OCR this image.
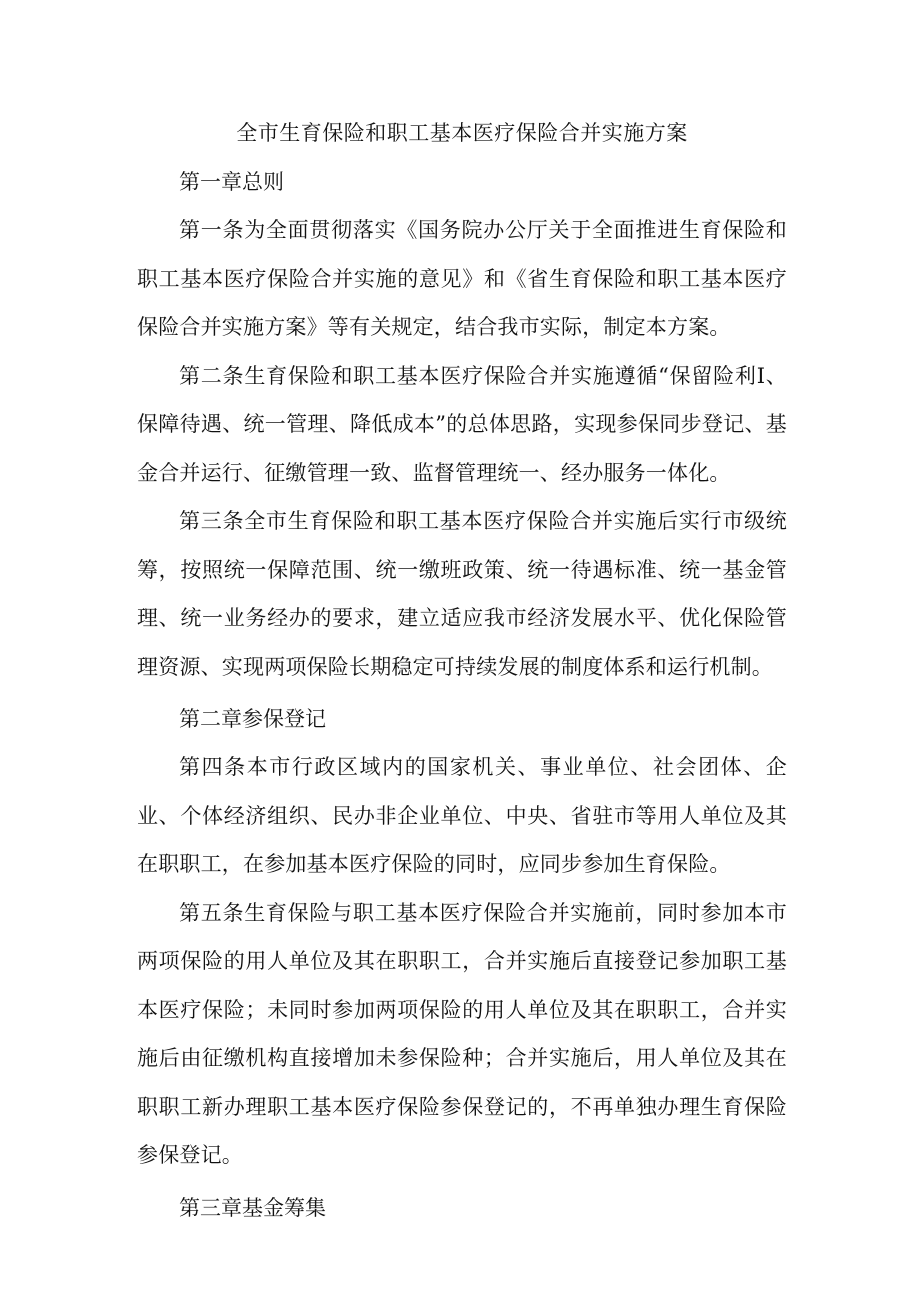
全市生育保险和职工基本医疗保险合并实施方案
第一章总则

第一条为全面贯彻落实《国务院办公厅关于全面推进生育保险和职工基本医疗保险合并实施的意见》和《省生育保险和职工基本医疗保险合并实施方案》等有关规定，结合我市实际，制定本方案。

第二条生育保险和职工基本医疗保险合并实施遵循“保留险利I、保障待遇、统一管理、降低成本”的总体思路，实现参保同步登记、基金合并运行、征缴管理一致、监督管理统一、经办服务一体化。

第三条全市生育保险和职工基本医疗保险合并实施后实行市级统筹，按照统一保障范围、统一缴班政策、统一待遇标准、统一基金管理、统一业务经办的要求，建立适应我市经济发展水平、优化保险管理资源、实现两项保险长期稳定可持续发展的制度体系和运行机制。

第二章参保登记

第四条本市行政区域内的国家机关、事业单位、社会团体、企业、个体经济组织、民办非企业单位、中央、省驻市等用人单位及其在职职工，在参加基本医疗保险的同时，应同步参加生育保险。

第五条生育保险与职工基本医疗保险合并实施前，同时参加本市两项保险的用人单位及其在职职工，合并实施后直接登记参加职工基本医疗保险；未同时参加两项保险的用人单位及其在职职工，合并实施后由征缴机构直接增加未参保险种；合并实施后，用人单位及其在职职工新办理职工基本医疗保险参保登记的，不再单独办理生育保险参保登记。

第三章基金筹集
